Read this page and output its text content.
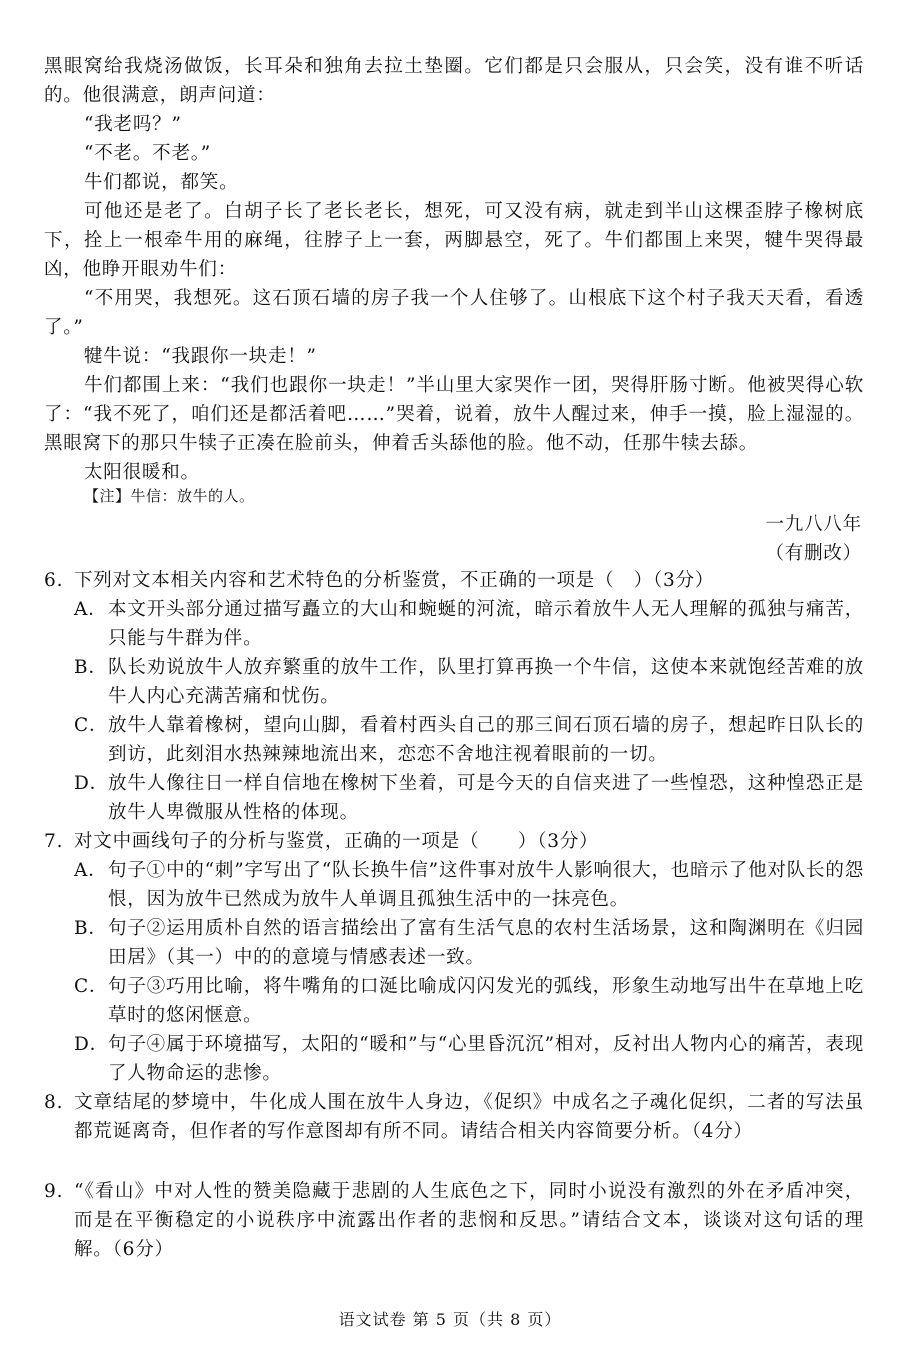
黑眼窝给我烧汤做饭，长耳朵和独角去拉土垫圈。它们都是只会服从，只会笑，没有谁不听话的。他很满意，朗声问道：

“我老吗？”

“不老。不老。”

牛们都说，都笑。

可他还是老了。白胡子长了老长老长，想死，可又没有病，就走到半山这棵歪脖子橡树底下，拴上一根牵牛用的麻绳，往脖子上一套，两脚悬空，死了。牛们都围上来哭，犍牛哭得最凶，他睁开眼劝牛们：

“不用哭，我想死。这石顶石墙的房子我一个人住够了。山根底下这个村子我天天看，看透了。”

犍牛说：“我跟你一块走！”

牛们都围上来：“我们也跟你一块走！”半山里大家哭作一团，哭得肝肠寸断。他被哭得心软了：“我不死了，咱们还是都活着吧……”哭着，说着，放牛人醒过来，伸手一摸，脸上湿湿的。黑眼窝下的那只牛犊子正凑在脸前头，伸着舌头舔他的脸。他不动，任那牛犊去舔。

太阳很暖和。

【注】牛信：放牛的人。
一九八八年
（有删改）
6. 下列对文本相关内容和艺术特色的分析鉴赏，不正确的一项是（　）（3分）
A． 本文开头部分通过描写矗立的大山和蜿蜒的河流，暗示着放牛人无人理解的孤独与痛苦，只能与牛群为伴。
B． 队长劝说放牛人放弃繁重的放牛工作，队里打算再换一个牛信，这使本来就饱经苦难的放牛人内心充满苦痛和忧伤。
C． 放牛人靠着橡树，望向山脚，看着村西头自己的那三间石顶石墙的房子，想起昨日队长的到访，此刻泪水热辣辣地流出来，恋恋不舍地注视着眼前的一切。
D． 放牛人像往日一样自信地在橡树下坐着，可是今天的自信夹进了一些惶恐，这种惶恐正是放牛人卑微服从性格的体现。
7. 对文中画线句子的分析与鉴赏，正确的一项是（　　）（3分）
A． 句子①中的“刺”字写出了“队长换牛信”这件事对放牛人影响很大，也暗示了他对队长的怨恨，因为放牛已然成为放牛人单调且孤独生活中的一抹亮色。
B． 句子②运用质朴自然的语言描绘出了富有生活气息的农村生活场景，这和陶渊明在《归园田居》（其一）中的的意境与情感表述一致。
C． 句子③巧用比喻，将牛嘴角的口涎比喻成闪闪发光的弧线，形象生动地写出牛在草地上吃草时的悠闲惬意。
D． 句子④属于环境描写，太阳的“暖和”与“心里昏沉沉”相对，反衬出人物内心的痛苦，表现了人物命运的悲惨。
8. 文章结尾的梦境中，牛化成人围在放牛人身边，《促织》中成名之子魂化促织，二者的写法虽都荒诞离奇，但作者的写作意图却有所不同。请结合相关内容简要分析。（4分）
9. “《看山》中对人性的赞美隐藏于悲剧的人生底色之下，同时小说没有激烈的外在矛盾冲突，而是在平衡稳定的小说秩序中流露出作者的悲悯和反思。”请结合文本，谈谈对这句话的理解。（6分）
语文试卷 第 5 页（共 8 页）
